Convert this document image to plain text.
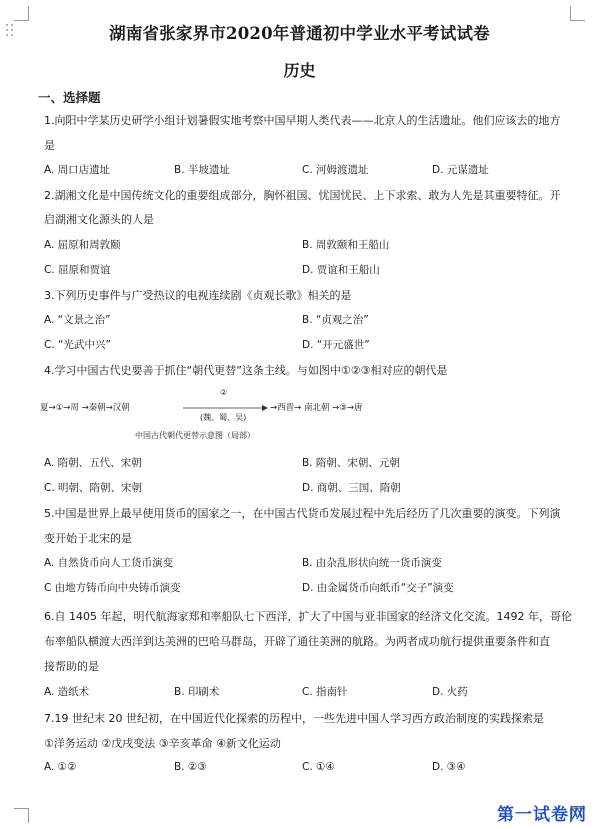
湖南省张家界市2020年普通初中学业水平考试试卷
历史
一、选择题
1.向阳中学某历史研学小组计划暑假实地考察中国早期人类代表——北京人的生活遗址。他们应该去的地方
是
A. 周口店遗址	B. 半坡遗址	C. 河姆渡遗址	D. 元谋遗址
2.湖湘文化是中国传统文化的重要组成部分，胸怀祖国、忧国忧民、上下求索、敢为人先是其重要特征。开
启湖湘文化源头的人是
A. 屈原和周敦颐	B. 周敦颐和王船山
C. 屈原和贾谊	D. 贾谊和王船山
3.下列历史事件与广受热议的电视连续剧《贞观长歌》相关的是
A. “文景之治”	B. “贞观之治”
C. “光武中兴”	D. “开元盛世”
4.学习中国古代史要善于抓住“朝代更替”这条主线。与如图中①②③相对应的朝代是
夏→①→周 →秦朝→汉朝
②
(魏、蜀、吴)
→西晋→ 南北朝 →③→唐
中国古代朝代更替示意图（局部）
A. 隋朝、五代、宋朝	B. 隋朝、宋朝、元朝
C. 明朝、隋朝、宋朝	D. 商朝、三国、隋朝
5.中国是世界上最早使用货币的国家之一，在中国古代货币发展过程中先后经历了几次重要的演变。下列演
变开始于北宋的是
A. 自然货币向人工货币演变	B. 由杂乱形状向统一货币演变
C 由地方铸币向中央铸币演变	D. 由金属货币向纸币“交子”演变
6.自 1405 年起，明代航海家郑和率船队七下西洋，扩大了中国与亚非国家的经济文化交流。1492 年，哥伦
布率船队横渡大西洋到达美洲的巴哈马群岛，开辟了通往美洲的航路。为两者成功航行提供重要条件和直
接帮助的是
A. 造纸术	B. 印刷术	C. 指南针	D. 火药
7.19 世纪末 20 世纪初，在中国近代化探索的历程中，一些先进中国人学习西方政治制度的实践探索是
①洋务运动 ②戊戌变法 ③辛亥革命 ④新文化运动
A. ①②	B. ②③	C. ①④	D. ③④
第一试卷网
